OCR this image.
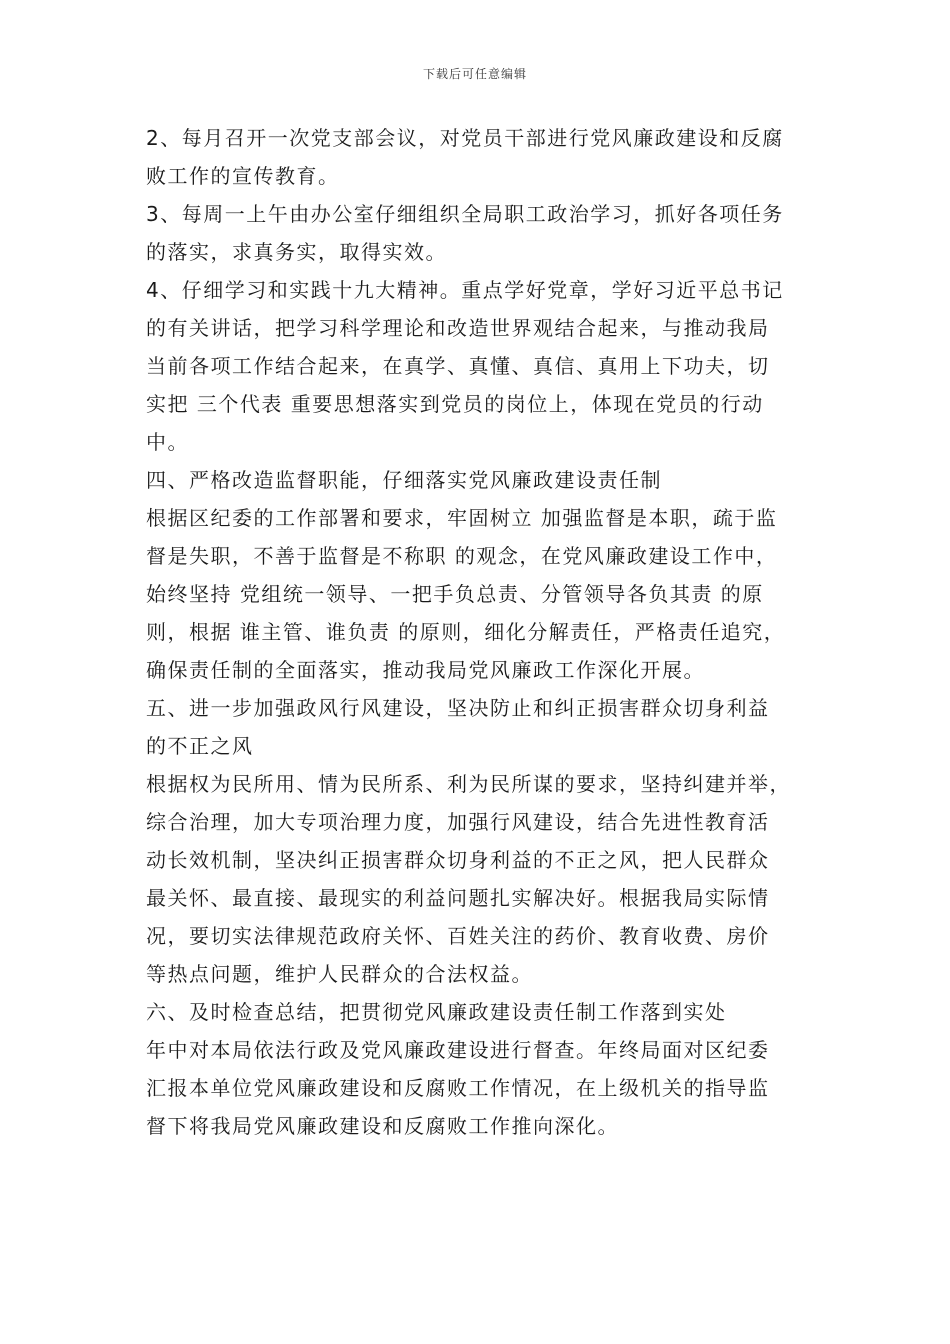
下载后可任意编辑
2、每月召开一次党支部会议，对党员干部进行党风廉政建设和反腐
败工作的宣传教育。
3、每周一上午由办公室仔细组织全局职工政治学习，抓好各项任务
的落实，求真务实，取得实效。
4、仔细学习和实践十九大精神。重点学好党章，学好习近平总书记
的有关讲话，把学习科学理论和改造世界观结合起来，与推动我局
当前各项工作结合起来，在真学、真懂、真信、真用上下功夫，切
实把 三个代表 重要思想落实到党员的岗位上，体现在党员的行动
中。
四、严格改造监督职能，仔细落实党风廉政建设责任制
根据区纪委的工作部署和要求，牢固树立 加强监督是本职，疏于监
督是失职，不善于监督是不称职 的观念，在党风廉政建设工作中，
始终坚持 党组统一领导、一把手负总责、分管领导各负其责 的原
则，根据 谁主管、谁负责 的原则，细化分解责任，严格责任追究，
确保责任制的全面落实，推动我局党风廉政工作深化开展。
五、进一步加强政风行风建设，坚决防止和纠正损害群众切身利益
的不正之风
根据权为民所用、情为民所系、利为民所谋的要求，坚持纠建并举，
综合治理，加大专项治理力度，加强行风建设，结合先进性教育活
动长效机制，坚决纠正损害群众切身利益的不正之风，把人民群众
最关怀、最直接、最现实的利益问题扎实解决好。根据我局实际情
况，要切实法律规范政府关怀、百姓关注的药价、教育收费、房价
等热点问题，维护人民群众的合法权益。
六、及时检查总结，把贯彻党风廉政建设责任制工作落到实处
年中对本局依法行政及党风廉政建设进行督查。年终局面对区纪委
汇报本单位党风廉政建设和反腐败工作情况，在上级机关的指导监
督下将我局党风廉政建设和反腐败工作推向深化。
